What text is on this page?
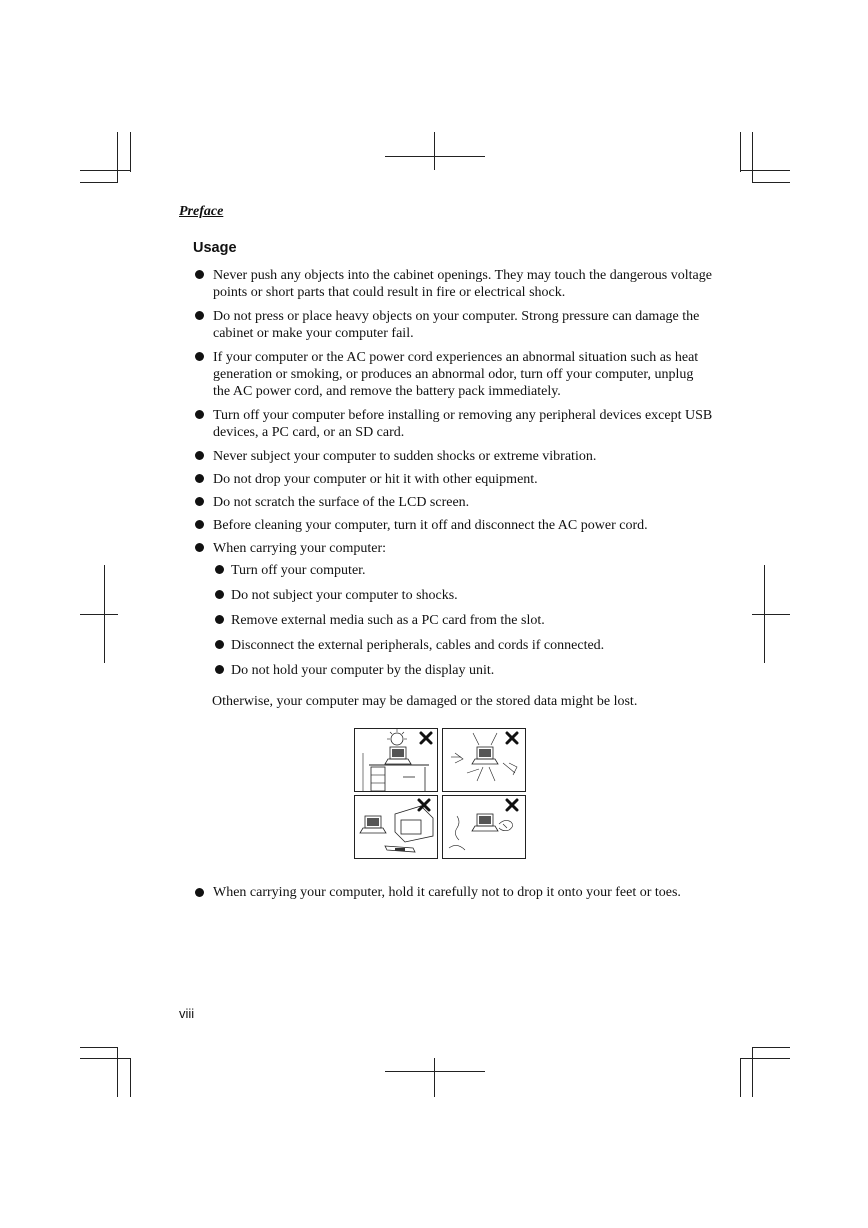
Preface
Usage
Never push any objects into the cabinet openings. They may touch the dangerous voltage points or short parts that could result in fire or electrical shock.
Do not press or place heavy objects on your computer. Strong pressure can damage the cabinet or make your computer fail.
If your computer or the AC power cord experiences an abnormal situation such as heat generation or smoking, or produces an abnormal odor, turn off your computer, unplug the AC power cord, and remove the battery pack immediately.
Turn off your computer before installing or removing any peripheral devices except USB devices, a PC card, or an SD card.
Never subject your computer to sudden shocks or extreme vibration.
Do not drop your computer or hit it with other equipment.
Do not scratch the surface of the LCD screen.
Before cleaning your computer, turn it off and disconnect the AC power cord.
When carrying your computer:
Turn off your computer.
Do not subject your computer to shocks.
Remove external media such as a PC card from the slot.
Disconnect the external peripherals, cables and cords if connected.
Do not hold your computer by the display unit.
Otherwise, your computer may be damaged or the stored data might be lost.
When carrying your computer, hold it carefully not to drop it onto your feet or toes.
viii
